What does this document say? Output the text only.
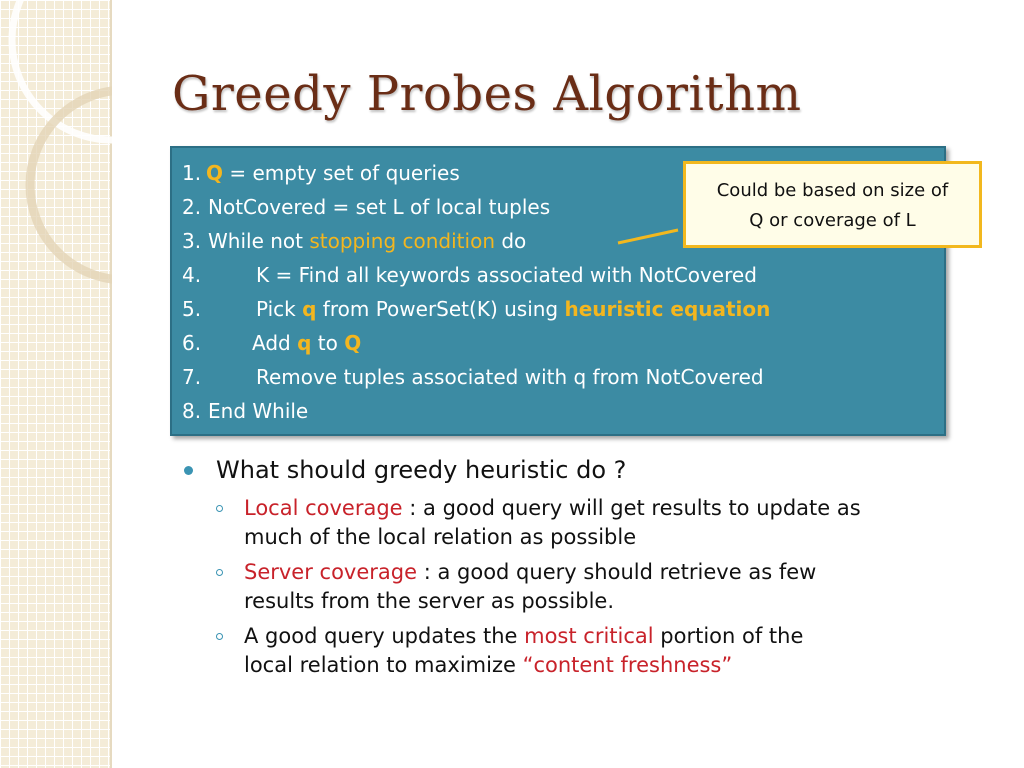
Greedy Probes Algorithm
1. Q = empty set of queries
2. NotCovered = set L of local tuples
3. While not stopping condition do
4.	K = Find all keywords associated with NotCovered
5.	Pick q from PowerSet(K) using heuristic equation
6.	Add q to Q
7.	Remove tuples associated with q from NotCovered
8. End While
Could be based on size of
Q or coverage of L
What should greedy heuristic do ?
Local coverage : a good query will get results to update as
much of the local relation as possible
Server coverage : a good query should retrieve as few
results from the server as possible.
A good query updates the most critical portion of the
local relation to maximize “content freshness”
